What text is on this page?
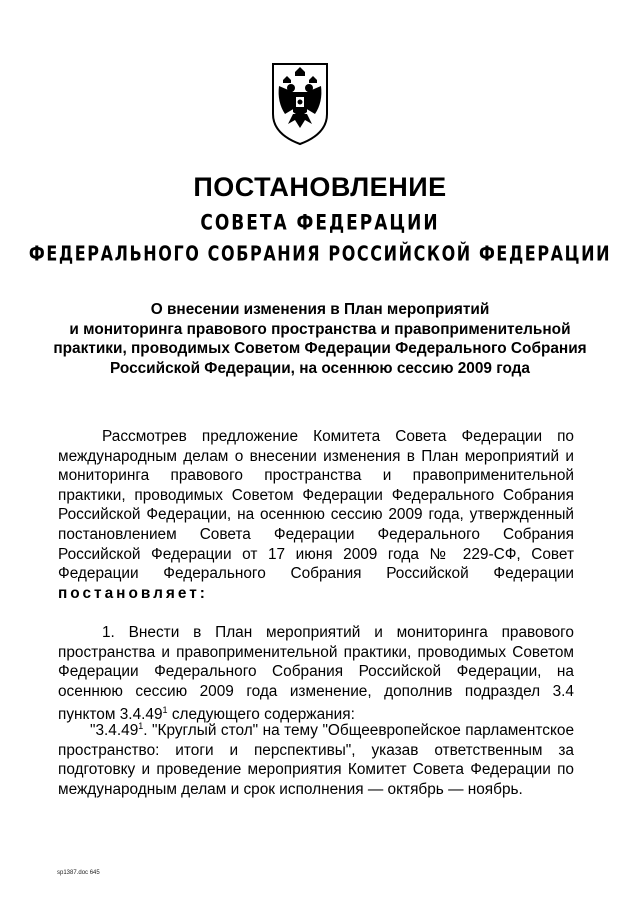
ПОСТАНОВЛЕНИЕ
СОВЕТА ФЕДЕРАЦИИ
ФЕДЕРАЛЬНОГО СОБРАНИЯ РОССИЙСКОЙ ФЕДЕРАЦИИ
О внесении изменения в План мероприятий
и мониторинга правового пространства и правоприменительной
практики, проводимых Советом Федерации Федерального Собрания
Российской Федерации, на осеннюю сессию 2009 года

Рассмотрев предложение Комитета Совета Федерации по международным делам о внесении изменения в План мероприятий и мониторинга правового пространства и правоприменительной практики, проводимых Советом Федерации Федерального Собрания Российской Федерации, на осеннюю сессию 2009 года, утвержденный постановлением Совета Федерации Федерального Собрания Российской Федерации от 17 июня 2009 года № 229-СФ, Совет Федерации Федерального Собрания Российской Федерации постановляет:

1. Внести в План мероприятий и мониторинга правового пространства и правоприменительной практики, проводимых Советом Федерации Федерального Собрания Российской Федерации, на осеннюю сессию 2009 года изменение, дополнив подраздел 3.4 пунктом 3.4.49$^1$ следующего содержания:

"3.4.49$^1$. "Круглый стол" на тему "Общеевропейское парламентское пространство: итоги и перспективы", указав ответственным за подготовку и проведение мероприятия Комитет Совета Федерации по международным делам и срок исполнения — октябрь — ноябрь.

sp1387.doc 645
